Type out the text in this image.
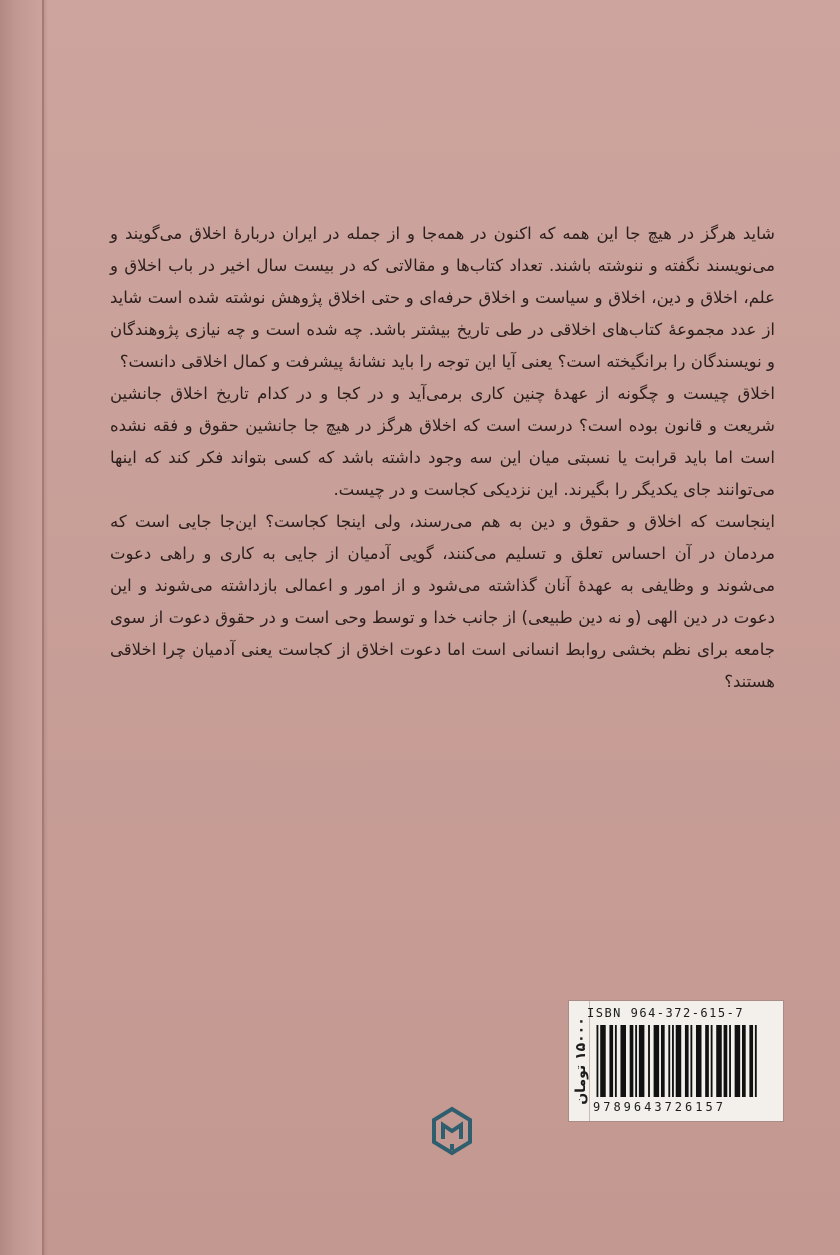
شاید هرگز در هیچ جا این همه که اکنون در همه‌جا و از جمله در ایران دربارهٔ اخلاق می‌گویند و می‌نویسند نگفته و ننوشته باشند. تعداد کتاب‌ها و مقالاتی که در بیست سال اخیر در باب اخلاق و علم، اخلاق و دین، اخلاق و سیاست و اخلاق حرفه‌ای و حتی اخلاق پژوهش نوشته شده است شاید از عدد مجموعهٔ کتاب‌های اخلاقی در طی تاریخ بیشتر باشد. چه شده است و چه نیازی پژوهندگان و نویسندگان را برانگیخته است؟ یعنی آیا این توجه را باید نشانهٔ پیشرفت و کمال اخلاقی دانست؟

اخلاق چیست و چگونه از عهدهٔ چنین کاری برمی‌آید و در کجا و در کدام تاریخ اخلاق جانشین شریعت و قانون بوده است؟ درست است که اخلاق هرگز در هیچ جا جانشین حقوق و فقه نشده است اما باید قرابت یا نسبتی میان این سه وجود داشته باشد که کسی بتواند فکر کند که اینها می‌توانند جای یکدیگر را بگیرند. این نزدیکی کجاست و در چیست.

اینجاست که اخلاق و حقوق و دین به هم می‌رسند، ولی اینجا کجاست؟ این‌جا جایی است که مردمان در آن احساس تعلق و تسلیم می‌کنند، گویی آدمیان از جایی به کاری و راهی دعوت می‌شوند و وظایفی به عهدهٔ آنان گذاشته می‌شود و از امور و اعمالی بازداشته می‌شوند و این دعوت در دین الهی (و نه دین طبیعی) از جانب خدا و توسط وحی است و در حقوق دعوت از سوی جامعه برای نظم بخشی روابط انسانی است اما دعوت اخلاق از کجاست یعنی آدمیان چرا اخلاقی هستند؟

۱۵۰۰۰ تومان
ISBN 964-372-615-7
9789643726157
